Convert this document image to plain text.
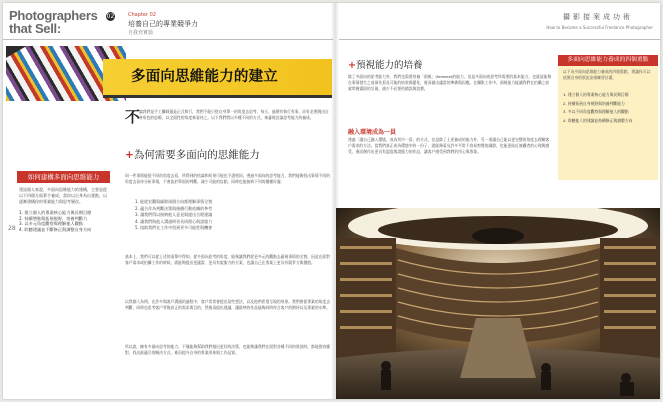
Photographers
that Sell:
02	Chapter 02
培養自己的專業競爭力
自我充實篇
攝影接案成功術
How to Become a Successful Freelance Photographer
多面向思維能力的建立
28
如何建構多面向思維能力
建設個人來說，多面向思維能力的建構，主要是從以下四個方面著手養成，當你以自身為出發點，以逐漸建構你的專業能力與思考層次。
1. 建立個人的專業核心能力與長期目標
2. 持續增進與拓展視野，培養判斷力
3. 以多元角度觀察與理解他人觀點
4. 聆聽建議並不斷修正與調整自身方向
不
論我們是手工攝師還是正式執行，我們不能只從自身單一的角度去思考，每天、過期有執行有事，而有必要跳出自身角色的思維，以全面性的角度來看待之。以下我們將以多種不同的方式，來審視討論思考能力的養成。
+為何需要多面向的思維能力
同一件事情能從不同的角度去看，所得到的結論和結果可能也不盡相同。透過多面向的思考能力，我們能夠找出事情不同的角度去看待分析事情，不會流於單面的判斷，減少可能的盲點，同時也能接納下列的種種好處：
1. 能從宏觀與細節兩個方向都理解事情全貌
2. 適合作為判斷決策與後續行動依據的參考
3. 讓我們得以接納他人意見與提出合理建議
4. 讓我們與他人溝通時更具同理心與說服力
5. 協助我們在工作中找到更多可能性與機會
基本上，我們可以從上述的清單中得知，從多面向思考的角度，能夠讓我們從更多元的觀點去審視事情的全貌，因此在面對客戶需求或拍攝工作的時候，就能夠提出更適當、更具有說服力的方案，也讓自己在專業上更具有競爭力與價值。
以我個人為例，在許多與客戶溝通的過程中，客戶常常會提出某些想法，以及他們希望呈現的效果。我們會從專業的角度去判斷，同時也思考客戶背後真正的需求與目的，然後再提出建議，讓最終的作品能夠同時符合客戶的期待以及專業的水準。
所以說，擁有多面向思考的能力，不僅能夠幫助我們做出更好的決策，也能夠讓我們在面對各種不同的狀況時，都能從容應對，找出最適合的解決方式，進而提升自身的專業形象與工作品質。
+預視能力的培養
除了多面向的思考能力外，我們也需要培養「預視」(foresee)的能力，這是多面向的思考所需要的基本能力，也就是能夠在事情發生之前預先看見可能的結果與變化，進而做出適當的準備與因應。在攝影工作中，預視能力能讓我們在拍攝之前就掌握畫面的呈現，減少不必要的錯誤與浪費。
融入環境成為一員
透過「讓自己融入環境，成為其中一員」的方式，也是除了上述養成的能力外，另一項讓自己能以更完整的角度去理解客戶需求的方法。當我們真正成為環境中的一份子，就能夠看見許多平常不容易察覺的細節，也能更貼近被攝者的心理與感受，進而創作出更具有溫度與說服力的作品，讓客戶感受到我們的用心與專業。
多面向思維能力養成的四個重點
以下為多面向思維能力養成的四個重點，建議你可以依照自身的狀況安排練習計畫。
1. 建立個人的專業核心能力與長期目標
2. 持續拓展自身視野與培養判斷能力
3. 多以不同角度觀察與理解他人的觀點
4. 聆聽他人的建議並持續修正與調整方向
